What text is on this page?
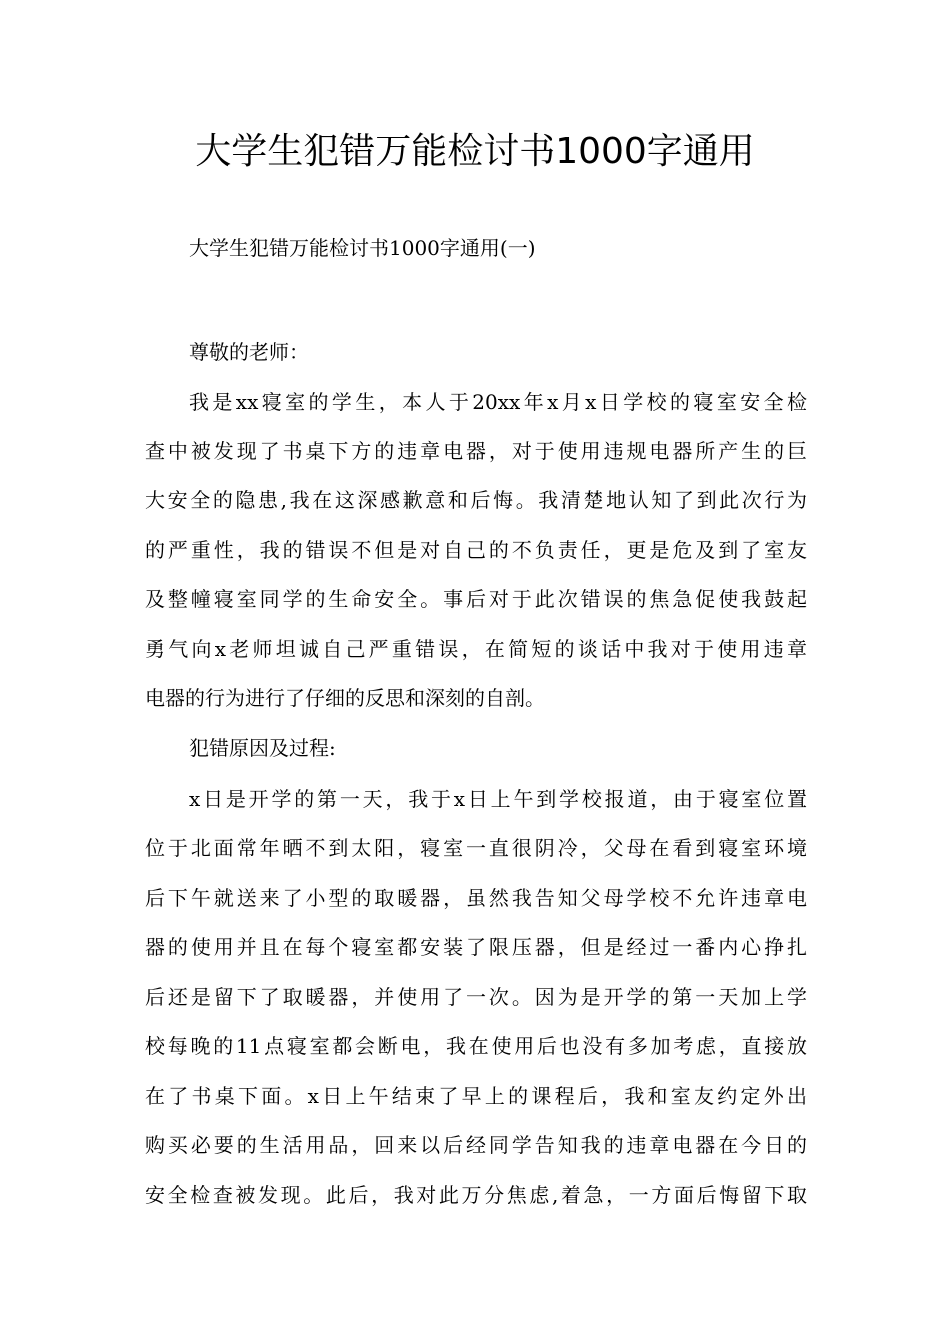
大学生犯错万能检讨书1000字通用
大学生犯错万能检讨书1000字通用(一)
尊敬的老师：
我是xx寝室的学生，本人于20xx年x月x日学校的寝室安全检
查中被发现了书桌下方的违章电器，对于使用违规电器所产生的巨
大安全的隐患,我在这深感歉意和后悔。我清楚地认知了到此次行为
的严重性，我的错误不但是对自己的不负责任，更是危及到了室友
及整幢寝室同学的生命安全。事后对于此次错误的焦急促使我鼓起
勇气向x老师坦诚自己严重错误，在简短的谈话中我对于使用违章
电器的行为进行了仔细的反思和深刻的自剖。
犯错原因及过程:
x日是开学的第一天，我于x日上午到学校报道，由于寝室位置
位于北面常年晒不到太阳，寝室一直很阴冷，父母在看到寝室环境
后下午就送来了小型的取暖器，虽然我告知父母学校不允许违章电
器的使用并且在每个寝室都安装了限压器，但是经过一番内心挣扎
后还是留下了取暖器，并使用了一次。因为是开学的第一天加上学
校每晚的11点寝室都会断电，我在使用后也没有多加考虑，直接放
在了书桌下面。x日上午结束了早上的课程后，我和室友约定外出
购买必要的生活用品，回来以后经同学告知我的违章电器在今日的
安全检查被发现。此后，我对此万分焦虑,着急，一方面后悔留下取
